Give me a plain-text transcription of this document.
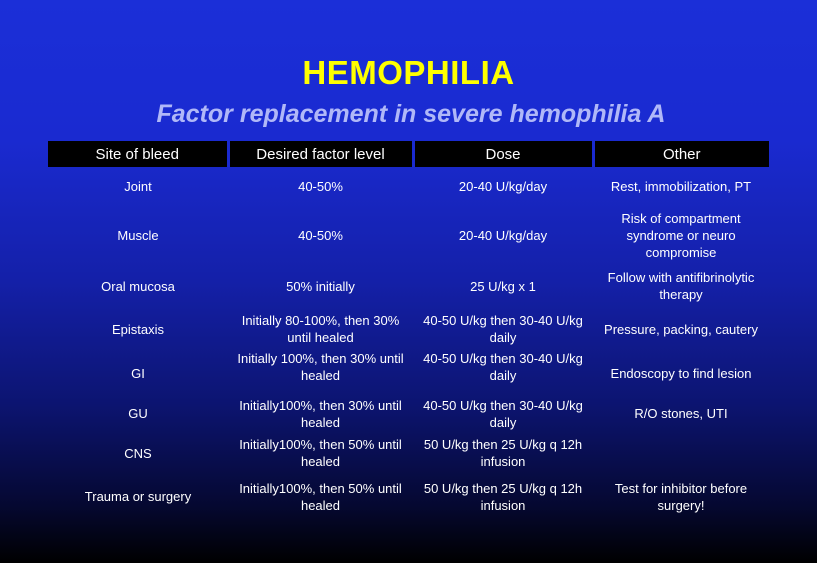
HEMOPHILIA
Factor replacement in severe hemophilia A
Site of bleed	Desired factor level	Dose	Other
Joint	40-50%	20-40 U/kg/day	Rest, immobilization, PT
Muscle	40-50%	20-40 U/kg/day	Risk of compartment syndrome or neuro compromise
Oral mucosa	50% initially	25 U/kg x 1	Follow with antifibrinolytic therapy
Epistaxis	Initially 80-100%, then 30% until healed	40-50 U/kg then 30-40 U/kg daily	Pressure, packing, cautery
GI	Initially 100%, then 30% until healed	40-50 U/kg then 30-40 U/kg daily	Endoscopy to find lesion
GU	Initially100%, then 30% until healed	40-50 U/kg then 30-40 U/kg daily	R/O stones, UTI
CNS	Initially100%, then 50% until healed	50 U/kg then 25 U/kg q 12h infusion	
Trauma or surgery	Initially100%, then 50% until healed	50 U/kg then 25 U/kg q 12h infusion	Test for inhibitor before surgery!
